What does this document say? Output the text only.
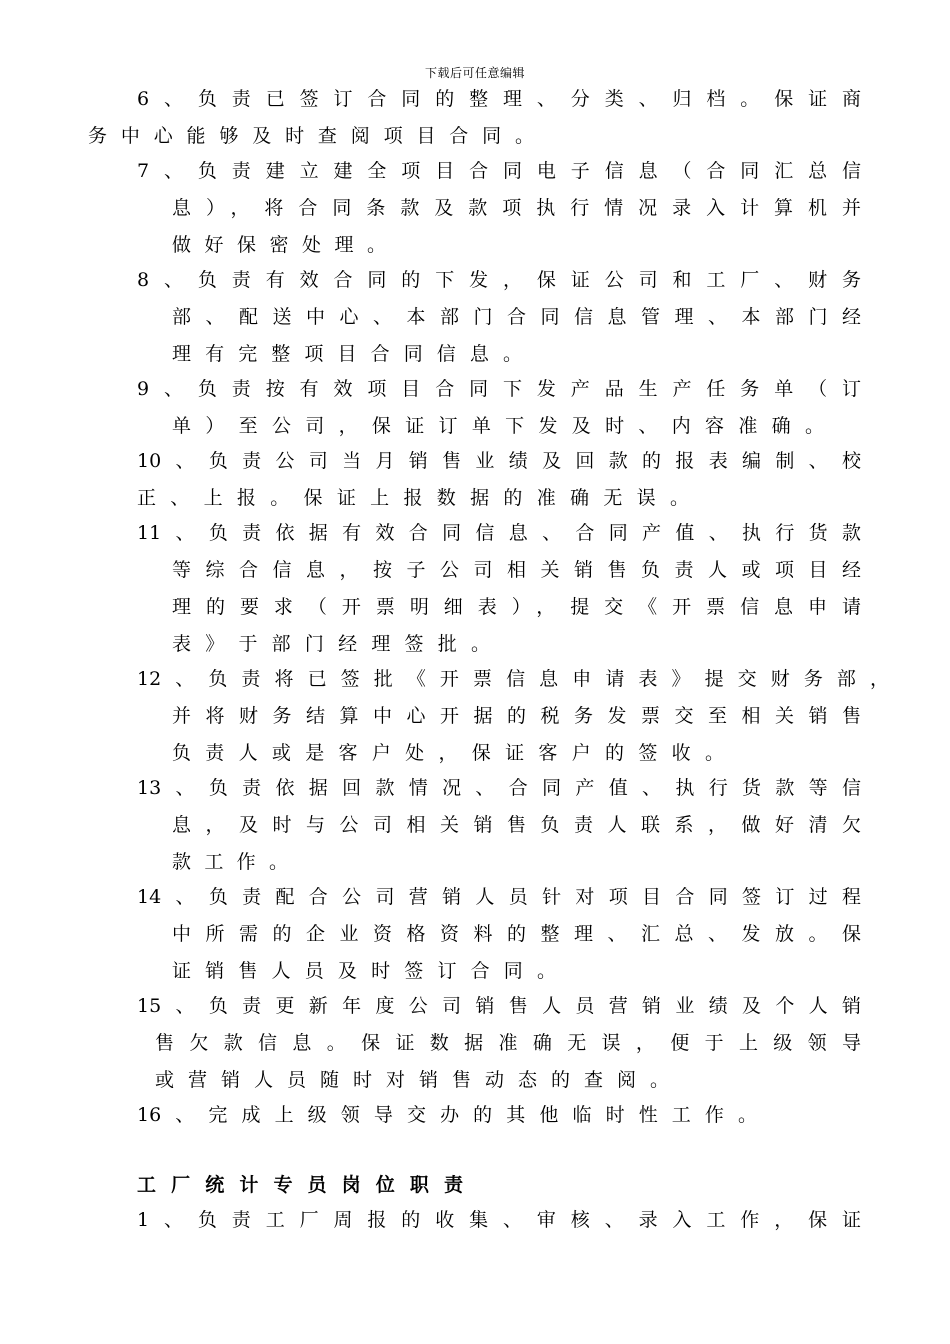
下载后可任意编辑
6、负责已签订合同的整理、分类、归档。保证商
务中心能够及时查阅项目合同。
7、负责建立建全项目合同电子信息（合同汇总信
息），将合同条款及款项执行情况录入计算机并
做好保密处理。
8、负责有效合同的下发，保证公司和工厂、财务
部、配送中心、本部门合同信息管理、本部门经
理有完整项目合同信息。
9、负责按有效项目合同下发产品生产任务单（订
单）至公司，保证订单下发及时、内容准确。
10、负责公司当月销售业绩及回款的报表编制、校
正、上报。保证上报数据的准确无误。
11、负责依据有效合同信息、合同产值、执行货款
等综合信息，按子公司相关销售负责人或项目经
理的要求（开票明细表），提交《开票信息申请
表》于部门经理签批。
12、负责将已签批《开票信息申请表》提交财务部，
并将财务结算中心开据的税务发票交至相关销售
负责人或是客户处，保证客户的签收。
13、负责依据回款情况、合同产值、执行货款等信
息，及时与公司相关销售负责人联系，做好清欠
款工作。
14、负责配合公司营销人员针对项目合同签订过程
中所需的企业资格资料的整理、汇总、发放。保
证销售人员及时签订合同。
15、负责更新年度公司销售人员营销业绩及个人销
售欠款信息。保证数据准确无误，便于上级领导
或营销人员随时对销售动态的查阅。
16、完成上级领导交办的其他临时性工作。
工厂统计专员岗位职责
1、负责工厂周报的收集、审核、录入工作，保证
